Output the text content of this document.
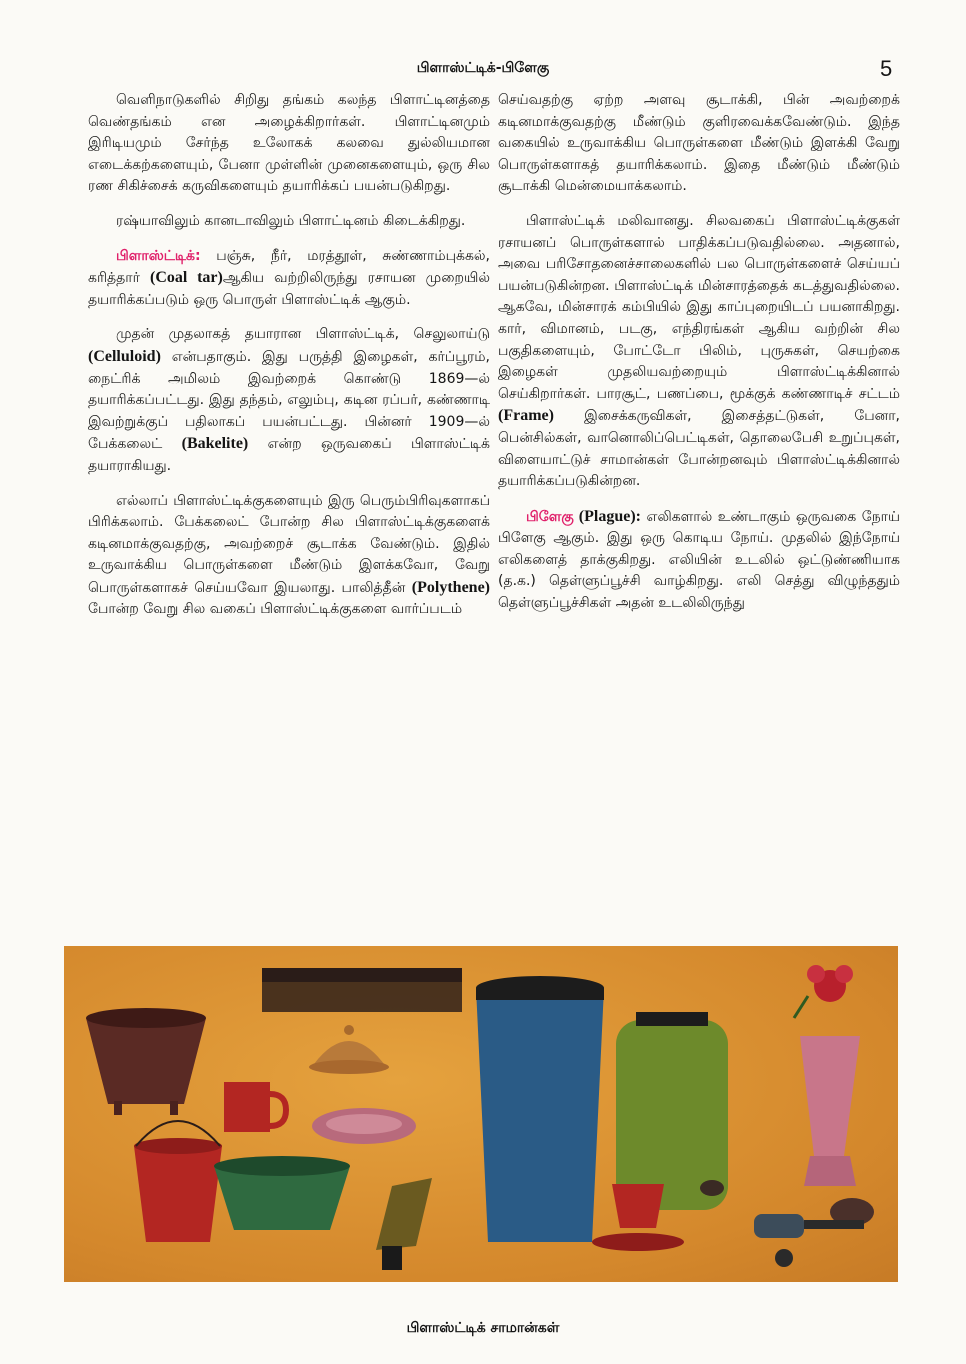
பிளாஸ்ட்டிக்-பிளேகு	5

வெளிநாடுகளில் சிறிது தங்கம் கலந்த பிளாட்டினத்தை வெண்தங்கம் என அழைக்கிறார்கள். பிளாட்டினமும் இரிடியமும் சேர்ந்த உலோகக் கலவை துல்லியமான எடைக்கற்களையும், பேனா முள்ளின் முனைகளையும், ஒரு சில ரண சிகிச்சைக் கருவிகளையும் தயாரிக்கப் பயன்படுகிறது.

ரஷ்யாவிலும் கானடாவிலும் பிளாட்டினம் கிடைக்கிறது.

பிளாஸ்ட்டிக்: பஞ்சு, நீர், மரத்தூள், சுண்ணாம்புக்கல், கரித்தார் (Coal tar)ஆகிய வற்றிலிருந்து ரசாயன முறையில் தயாரிக்கப்படும் ஒரு பொருள் பிளாஸ்ட்டிக் ஆகும்.

முதன் முதலாகத் தயாரான பிளாஸ்ட்டிக், செலுலாய்டு (Celluloid) என்பதாகும். இது பருத்தி இழைகள், கர்ப்பூரம், நைட்ரிக் அமிலம் இவற்றைக் கொண்டு 1869—ல் தயாரிக்கப்பட்டது. இது தந்தம், எலும்பு, கடின ரப்பர், கண்ணாடி இவற்றுக்குப் பதிலாகப் பயன்பட்டது. பின்னர் 1909—ல் பேக்கலைட் (Bakelite) என்ற ஒருவகைப் பிளாஸ்ட்டிக் தயாராகியது.

எல்லாப் பிளாஸ்ட்டிக்குகளையும் இரு பெரும்பிரிவுகளாகப் பிரிக்கலாம். பேக்கலைட் போன்ற சில பிளாஸ்ட்டிக்குகளைக் கடினமாக்குவதற்கு, அவற்றைச் சூடாக்க வேண்டும். இதில் உருவாக்கிய பொருள்களை மீண்டும் இளக்கவோ, வேறு பொருள்களாகச் செய்யவோ இயலாது. பாலித்தீன் (Polythene) போன்ற வேறு சில வகைப் பிளாஸ்ட்டிக்குகளை வார்ப்படம்

செய்வதற்கு ஏற்ற அளவு சூடாக்கி, பின் அவற்றைக் கடினமாக்குவதற்கு மீண்டும் குளிரவைக்கவேண்டும். இந்த வகையில் உருவாக்கிய பொருள்களை மீண்டும் இளக்கி வேறு பொருள்களாகத் தயாரிக்கலாம். இதை மீண்டும் மீண்டும் சூடாக்கி மென்மையாக்கலாம்.

பிளாஸ்ட்டிக் மலிவானது. சிலவகைப் பிளாஸ்ட்டிக்குகள் ரசாயனப் பொருள்களால் பாதிக்கப்படுவதில்லை. அதனால், அவை பரிசோதனைச்சாலைகளில் பல பொருள்களைச் செய்யப் பயன்படுகின்றன. பிளாஸ்ட்டிக் மின்சாரத்தைக் கடத்துவதில்லை. ஆகவே, மின்சாரக் கம்பியில் இது காப்புறையிடப் பயனாகிறது. கார், விமானம், படகு, எந்திரங்கள் ஆகிய வற்றின் சில பகுதிகளையும், போட்டோ பிலிம், புருசுகள், செயற்கை இழைகள் முதலியவற்றையும் பிளாஸ்ட்டிக்கினால் செய்கிறார்கள். பாரசூட், பணப்பை, மூக்குக் கண்ணாடிச் சட்டம் (Frame) இசைக்கருவிகள், இசைத்தட்டுகள், பேனா, பென்சில்கள், வானொலிப்பெட்டிகள், தொலைபேசி உறுப்புகள், விளையாட்டுச் சாமான்கள் போன்றனவும் பிளாஸ்ட்டிக்கினால் தயாரிக்கப்படுகின்றன.

பிளேகு (Plague): எலிகளால் உண்டாகும் ஒருவகை நோய் பிளேகு ஆகும். இது ஒரு கொடிய நோய். முதலில் இந்நோய் எலிகளைத் தாக்குகிறது. எலியின் உடலில் ஒட்டுண்ணியாக (த.க.) தெள்ளுப்பூச்சி வாழ்கிறது. எலி செத்து விழுந்ததும் தெள்ளுப்பூச்சிகள் அதன் உடலிலிருந்து

பிளாஸ்ட்டிக் சாமான்கள்
